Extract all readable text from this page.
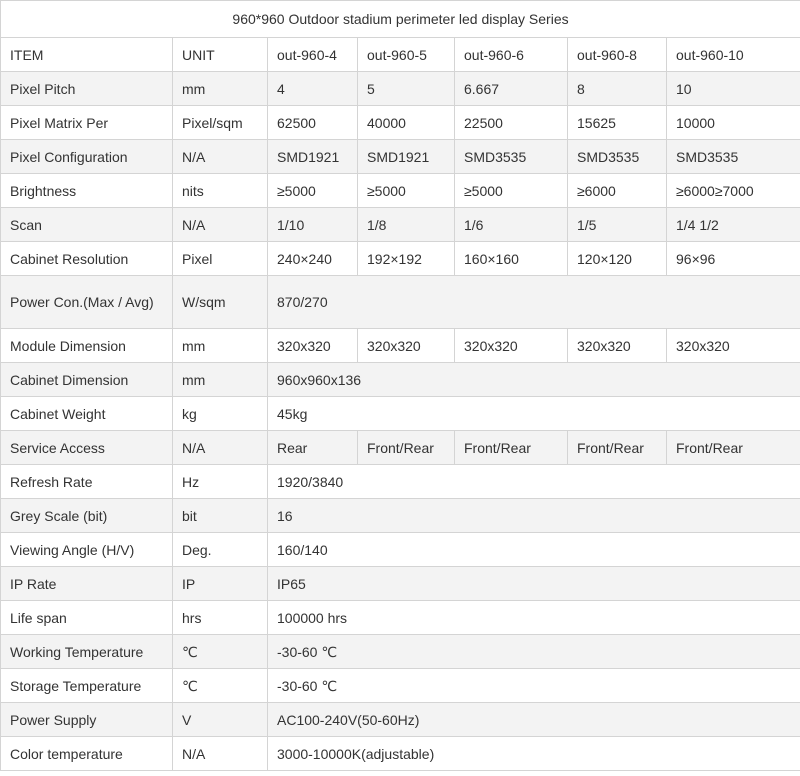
960*960 Outdoor stadium perimeter led display Series						
ITEM	UNIT	out-960-4	out-960-5	out-960-6	out-960-8	out-960-10
Pixel Pitch	mm	4	5	6.667	8	10
Pixel Matrix Per	Pixel/sqm	62500	40000	22500	15625	10000
Pixel Configuration	N/A	SMD1921	SMD1921	SMD3535	SMD3535	SMD3535
Brightness	nits	≥5000	≥5000	≥5000	≥6000	≥6000≥7000
Scan	N/A	1/10	1/8	1/6	1/5	1/4 1/2
Cabinet Resolution	Pixel	240×240	192×192	160×160	120×120	96×96
Power Con.(Max / Avg)	W/sqm	870/270				
Module Dimension	mm	320x320	320x320	320x320	320x320	320x320
Cabinet Dimension	mm	960x960x136				
Cabinet Weight	kg	45kg				
Service Access	N/A	Rear	Front/Rear	Front/Rear	Front/Rear	Front/Rear
Refresh Rate	Hz	1920/3840				
Grey Scale (bit)	bit	16				
Viewing Angle (H/V)	Deg.	160/140				
IP Rate	IP	IP65				
Life span	hrs	100000 hrs				
Working Temperature	℃	-30-60 ℃				
Storage Temperature	℃	-30-60 ℃				
Power Supply	V	AC100-240V(50-60Hz)				
Color temperature	N/A	3000-10000K(adjustable)				
